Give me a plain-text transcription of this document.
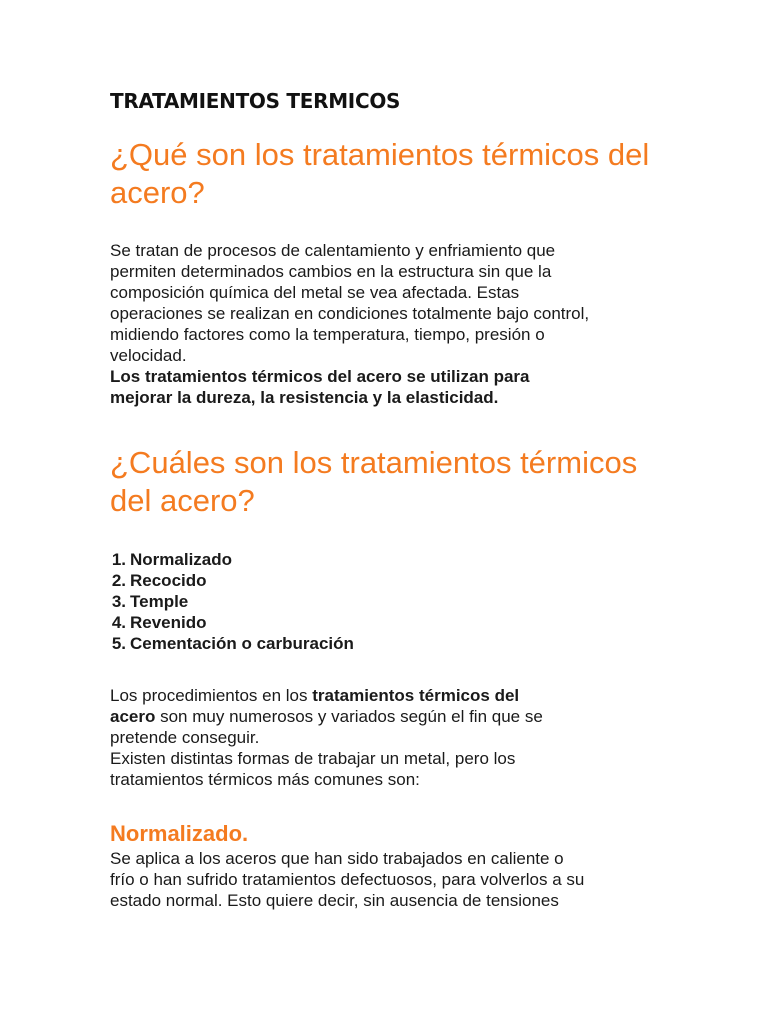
TRATAMIENTOS TERMICOS
¿Qué son los tratamientos térmicos del acero?
Se tratan de procesos de calentamiento y enfriamiento que
permiten determinados cambios en la estructura sin que la
composición química del metal se vea afectada. Estas
operaciones se realizan en condiciones totalmente bajo control,
midiendo factores como la temperatura, tiempo, presión o
velocidad.
Los tratamientos térmicos del acero se utilizan para
mejorar la dureza, la resistencia y la elasticidad.
¿Cuáles son los tratamientos térmicos del acero?
1. Normalizado
2. Recocido
3. Temple
4. Revenido
5. Cementación o carburación
Los procedimientos en los tratamientos térmicos del
acero son muy numerosos y variados según el fin que se
pretende conseguir.
Existen distintas formas de trabajar un metal, pero los
tratamientos térmicos más comunes son:
Normalizado.
Se aplica a los aceros que han sido trabajados en caliente o
frío o han sufrido tratamientos defectuosos, para volverlos a su
estado normal. Esto quiere decir, sin ausencia de tensiones
